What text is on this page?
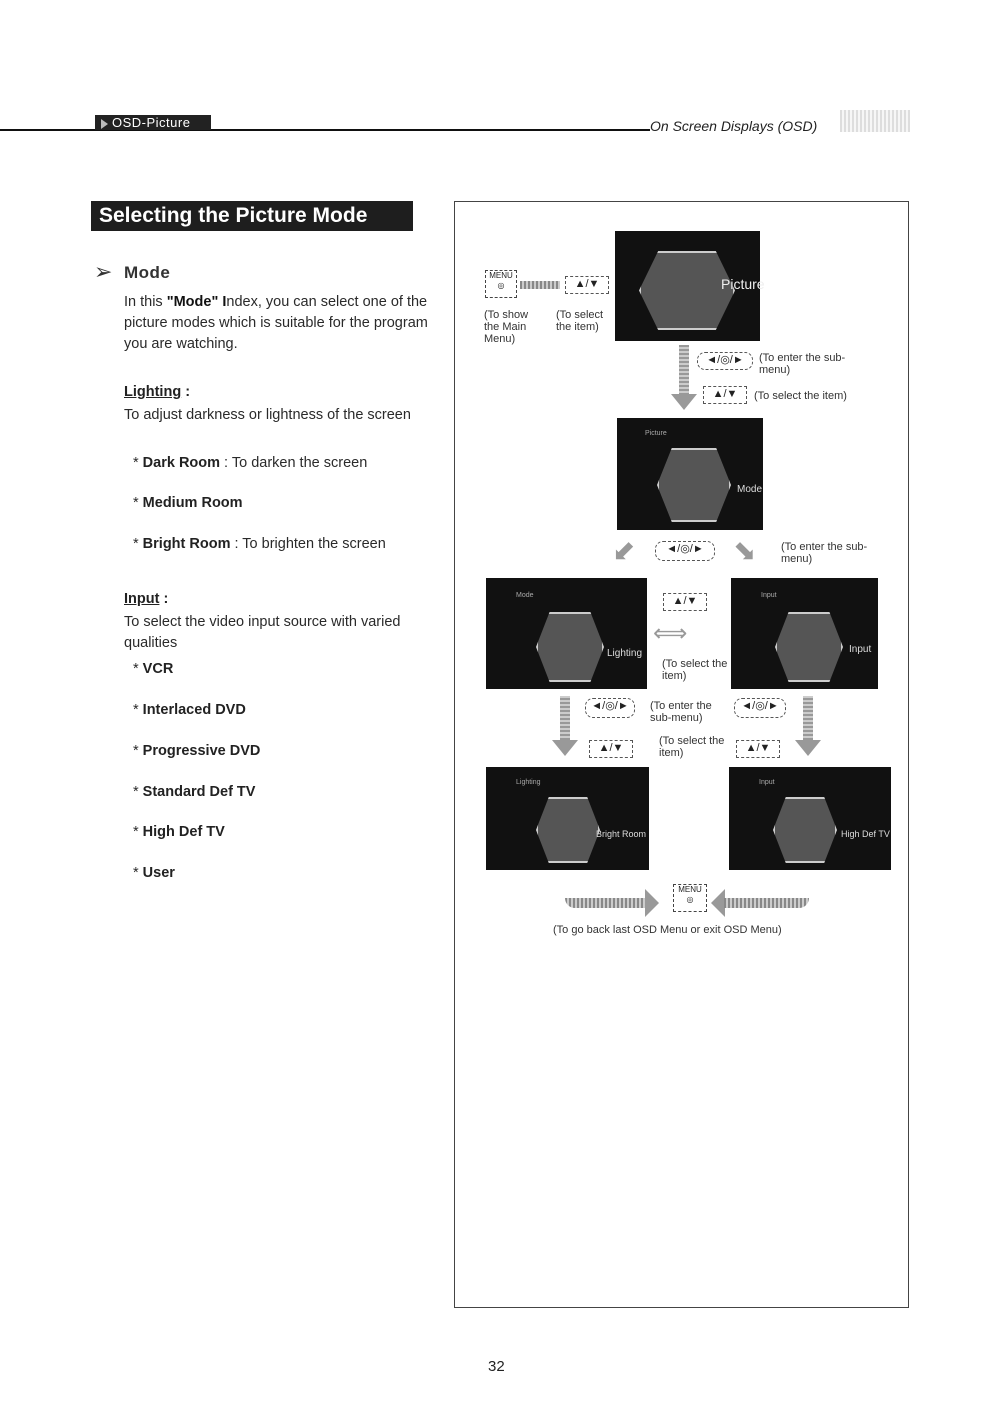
OSD-Picture	On Screen Displays (OSD)
Selecting the Picture Mode
➢ Mode
In this "Mode" Index, you can select one of the picture modes which is suitable for the program you are watching.
Lighting :
To adjust darkness or lightness of the screen
* Dark Room : To darken the screen
* Medium Room
* Bright Room : To brighten the screen
Input :
To select the video input source with varied qualities
* VCR
* Interlaced DVD
* Progressive DVD
* Standard Def TV
* High Def TV
* User
MENU
◎	▲/▼
(To show the Main Menu)
(To select the item)
Picture
◄/◎/►	(To enter the sub-menu)
▲/▼	(To select the item)
Picture
Mode
⬋	◄/◎/►	⬊ (To enter the sub-menu)
Mode
Lighting
▲/▼
⟺
(To select the item)
Input
Input
◄/◎/►
▲/▼
(To enter the sub-menu)
(To select the item)
◄/◎/►
▲/▼
Lighting
Bright Room
Input
High Def TV
MENU
◎
(To go back last OSD Menu or exit OSD Menu)
32
